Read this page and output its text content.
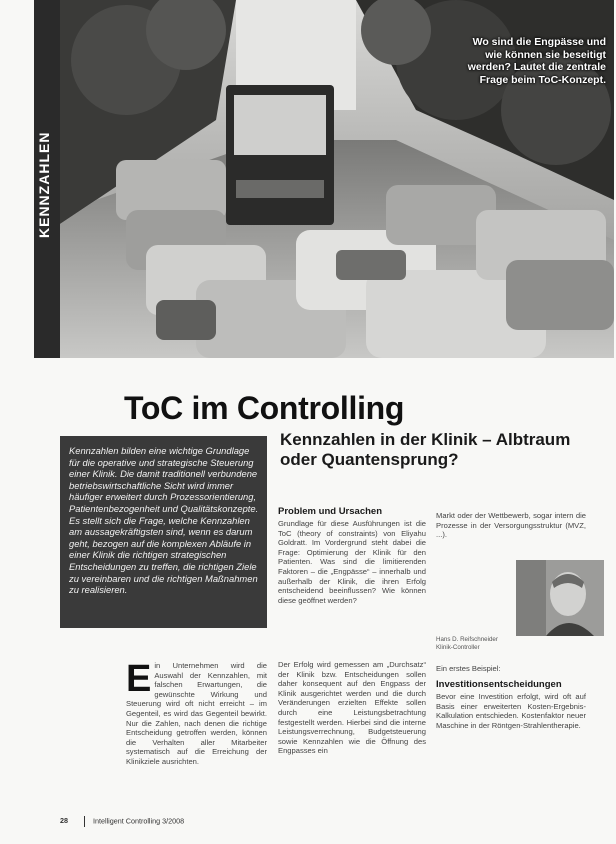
Wo sind die Engpässe und wie können sie beseitigt werden? Lautet die zentrale Frage beim ToC-Konzept.
KENNZAHLEN
ToC im Controlling

Kennzahlen bilden eine wichtige Grundlage für die operative und strategische Steuerung einer Klinik. Die damit traditionell verbundene betriebswirtschaftliche Sicht wird immer häufiger erweitert durch Prozessorientierung, Patientenbezogenheit und Qualitätskonzepte. Es stellt sich die Frage, welche Kennzahlen am aussagekräftigsten sind, wenn es darum geht, bezogen auf die komplexen Abläufe in einer Klinik die richtigen strategischen Entscheidungen zu treffen, die richtigen Ziele zu vereinbaren und die richtigen Maßnahmen zu realisieren.

Kennzahlen in der Klinik – Albtraum oder Quantensprung?

Problem und Ursachen

Grundlage für diese Ausführungen ist die ToC (theory of constraints) von Eliyahu Goldratt. Im Vordergrund steht dabei die Frage: Optimierung der Klinik für den Patienten. Was sind die limitierenden Faktoren – die „Engpässe“ – innerhalb und außerhalb der Klinik, die ihren Erfolg entscheidend beeinflussen? Wie können diese geöffnet werden?

Markt oder der Wettbewerb, sogar intern die Prozesse in der Versorgungsstruktur (MVZ, ...).

Hans D. Reifschneider Klinik-Controller

Ein erstes Beispiel:

E in Unternehmen wird die Auswahl der Kennzahlen, mit falschen Erwartungen, die gewünschte Wirkung und Steuerung wird oft nicht erreicht – im Gegenteil, es wird das Gegenteil bewirkt. Nur die Zahlen, nach denen die richtige Entscheidung getroffen werden, können die Verhalten aller Mitarbeiter systematisch auf die Erreichung der Klinikziele ausrichten.

Der Erfolg wird gemessen am „Durchsatz“ der Klinik bzw. Entscheidungen sollen daher konsequent auf den Engpass der Klinik ausgerichtet werden und die durch Veränderungen erzielten Effekte sollen durch eine Leistungsbetrachtung festgestellt werden. Hierbei sind die interne Leistungsverrechnung, Budgetsteuerung sowie Kennzahlen wie die Öffnung des Engpasses ein

Investitionsentscheidungen

Bevor eine Investition erfolgt, wird oft auf Basis einer erweiterten Kosten-Ergebnis-Kalkulation entschieden. Kostenfaktor neuer Maschine in der Röntgen-Strahlentherapie.

28	Intelligent Controlling 3/2008
